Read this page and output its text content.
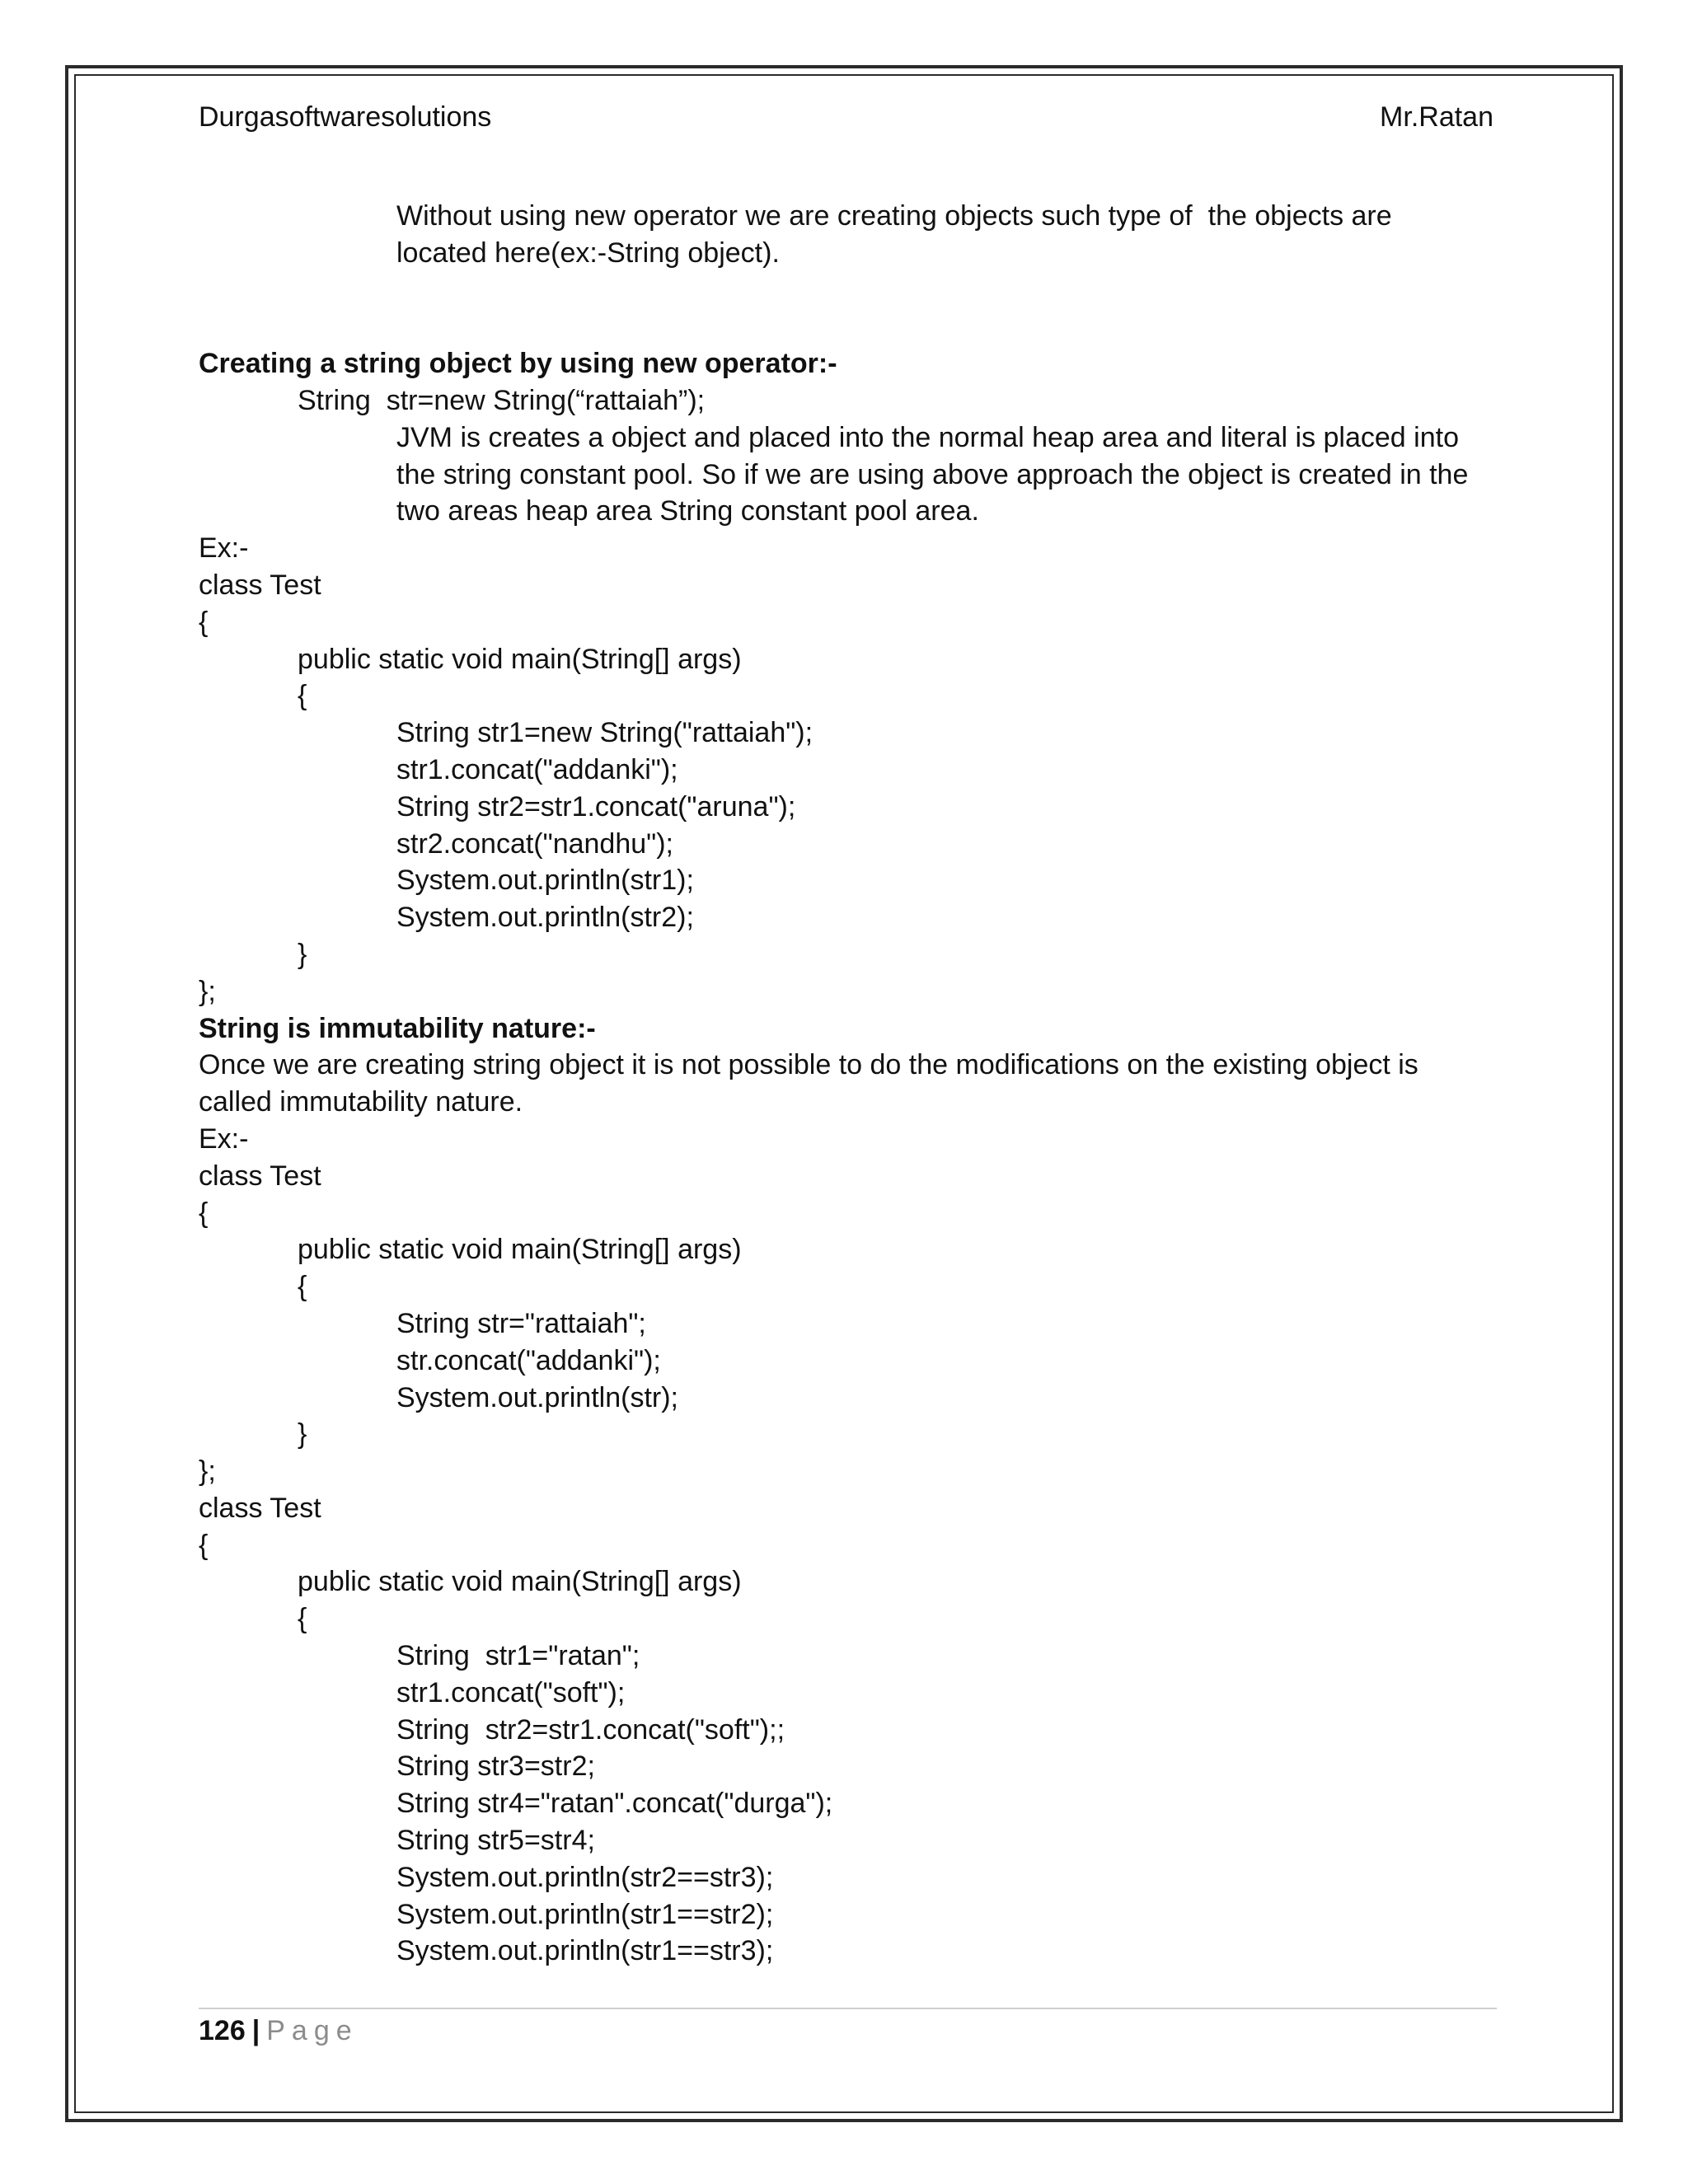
Durgasoftwaresolutions	Mr.Ratan
Without using new operator we are creating objects such type of  the objects are
located here(ex:-String object).
Creating a string object by using new operator:-
String  str=new String(“rattaiah”);
JVM is creates a object and placed into the normal heap area and literal is placed into
the string constant pool. So if we are using above approach the object is created in the
two areas heap area String constant pool area.
Ex:-
class Test
{
public static void main(String[] args)
{
String str1=new String("rattaiah");
str1.concat("addanki");
String str2=str1.concat("aruna");
str2.concat("nandhu");
System.out.println(str1);
System.out.println(str2);
}
};
String is immutability nature:-
Once we are creating string object it is not possible to do the modifications on the existing object is
called immutability nature.
Ex:-
class Test
{
public static void main(String[] args)
{
String str="rattaiah";
str.concat("addanki");
System.out.println(str);
}
};
class Test
{
public static void main(String[] args)
{
String  str1="ratan";
str1.concat("soft");
String  str2=str1.concat("soft");;
String str3=str2;
String str4="ratan".concat("durga");
String str5=str4;
System.out.println(str2==str3);
System.out.println(str1==str2);
System.out.println(str1==str3);
126 | Page
